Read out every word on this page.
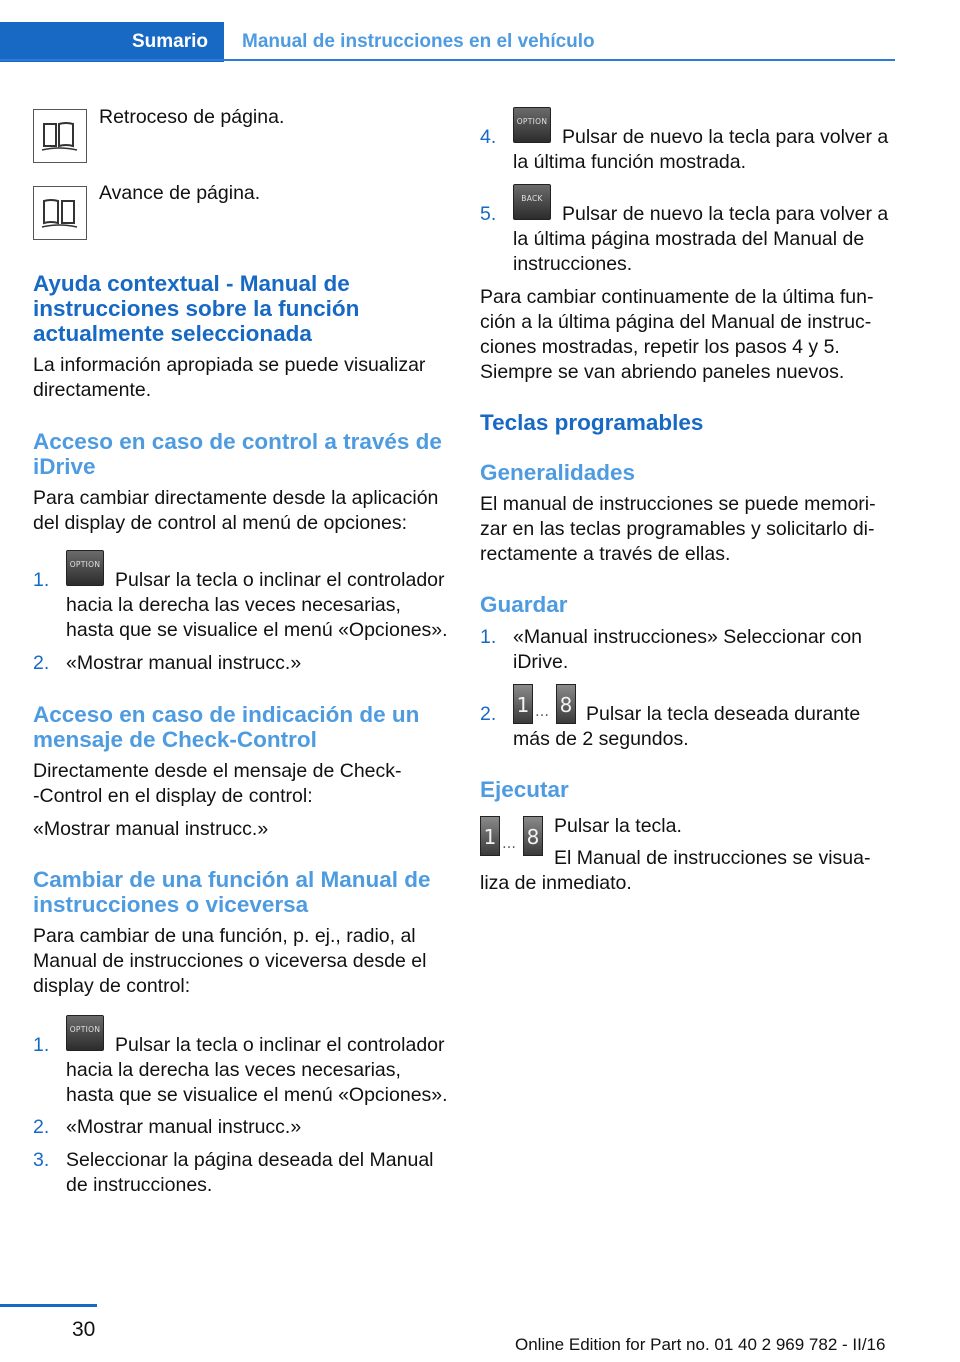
Sumario	Manual de instrucciones en el vehículo
Retroceso de página.
Avance de página.
Ayuda contextual - Manual de
instrucciones sobre la función
actualmente seleccionada
La información apropiada se puede visualizar
directamente.
Acceso en caso de control a través de
iDrive
Para cambiar directamente desde la aplicación
del display de control al menú de opciones:
1.
OPTION
Pulsar la tecla o inclinar el controlador
hacia la derecha las veces necesarias,
hasta que se visualice el menú «Opciones».
2. «Mostrar manual instrucc.»
Acceso en caso de indicación de un
mensaje de Check-Control
Directamente desde el mensaje de Check-
-Control en el display de control:
«Mostrar manual instrucc.»
Cambiar de una función al Manual de
instrucciones o viceversa
Para cambiar de una función, p. ej., radio, al
Manual de instrucciones o viceversa desde el
display de control:
1.
OPTION
Pulsar la tecla o inclinar el controlador
hacia la derecha las veces necesarias,
hasta que se visualice el menú «Opciones».
2. «Mostrar manual instrucc.»
3. Seleccionar la página deseada del Manual
de instrucciones.
4.
OPTION
Pulsar de nuevo la tecla para volver a
la última función mostrada.
5.
BACK
Pulsar de nuevo la tecla para volver a
la última página mostrada del Manual de
instrucciones.
Para cambiar continuamente de la última fun-
ción a la última página del Manual de instruc-
ciones mostradas, repetir los pasos 4 y 5.
Siempre se van abriendo paneles nuevos.
Teclas programables
Generalidades
El manual de instrucciones se puede memori-
zar en las teclas programables y solicitarlo di-
rectamente a través de ellas.
Guardar
1. «Manual instrucciones» Seleccionar con
iDrive.
2. 1 … 8 Pulsar la tecla deseada durante
más de 2 segundos.
Ejecutar
1 … 8 Pulsar la tecla.
El Manual de instrucciones se visua-
liza de inmediato.
30
Online Edition for Part no. 01 40 2 969 782 - II/16
